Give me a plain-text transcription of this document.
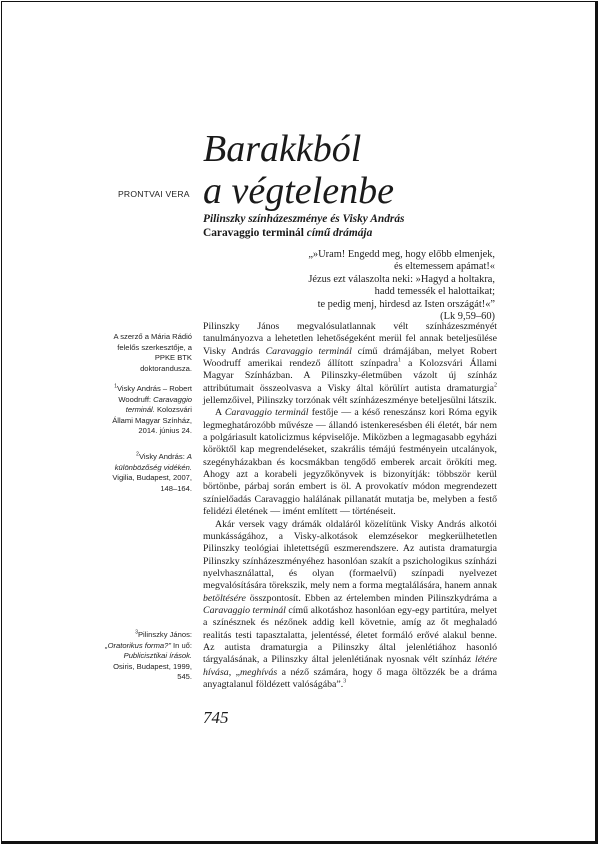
Barakkból
a végtelenbe
PRONTVAI VERA
Pilinszky színházeszménye és Visky András
Caravaggio terminál című drámája
„»Uram! Engedd meg, hogy előbb elmenjek,
és eltemessem apámat!«
Jézus ezt válaszolta neki: »Hagyd a holtakra,
hadd temessék el halottaikat;
te pedig menj, hirdesd az Isten országát!«”
(Lk 9,59–60)

Pilinszky János megvalósulatlannak vélt színházeszményét tanulmányozva a lehetetlen lehetőségeként merül fel annak beteljesülése Visky András Caravaggio terminál című drámájában, melyet Robert Woodruff amerikai rendező állított színpadra$^1$ a Kolozsvári Állami Magyar Színházban. A Pilinszky-életműben vázolt új színház attribútumait összeolvasva a Visky által körülírt autista dramaturgia$^2$ jellemzőivel, Pilinszky torzónak vélt színházeszménye beteljesülni látszik.

A Caravaggio terminál festője — a késő reneszánsz kori Róma egyik legmeghatározóbb művésze — állandó istenkeresésben éli életét, bár nem a polgáriasult katolicizmus képviselője. Miközben a legmagasabb egyházi köröktől kap megrendeléseket, szakrális témájú festményein utcalányok, szegényházakban és kocsmákban tengődő emberek arcait örökíti meg. Ahogy azt a korabeli jegyzőkönyvek is bizonyítják: többször kerül börtönbe, párbaj során embert is öl. A provokatív módon megrendezett színielőadás Caravaggio halálának pillanatát mutatja be, melyben a festő felidézi életének — imént említett — történéseit.

Akár versek vagy drámák oldaláról közelítünk Visky András alkotói munkásságához, a Visky-alkotások elemzésekor megkerülhetetlen Pilinszky teológiai ihletettségű eszmerendszere. Az autista dramaturgia Pilinszky színházeszményéhez hasonlóan szakít a pszichologikus színházi nyelvhasználattal, és olyan (formaelvű) színpadi nyelvezet megvalósítására törekszik, mely nem a forma megtalálására, hanem annak betöltésére összpontosít. Ebben az értelemben minden Pilinszkydráma a Caravaggio terminál című alkotáshoz hasonlóan egy-egy partitúra, melyet a színésznek és nézőnek addig kell követnie, amíg az őt meghaladó realitás testi tapasztalatta, jelentéssé, életet formáló erővé alakul benne. Az autista dramaturgia a Pilinszky által jelenlétiához hasonló tárgyalásának, a Pilinszky által jelenlétiának nyosnak vélt színház létére hívása, „meghívás a néző számára, hogy ő maga öltözzék be a dráma anyagtalanul földézett valóságába”.$^3$

A szerző a Mária Rádió felelős szerkesztője, a PPKE BTK doktorandusza.
$^1$Visky András – Robert Woodruff: Caravaggio terminál. Kolozsvári Állami Magyar Színház, 2014. június 24.
$^2$Visky András: A különbözőség vidékén. Vigilia, Budapest, 2007, 148–164.
$^3$Pilinszky János: „Oratorikus forma?” In uő: Publicisztikai írások. Osiris, Budapest, 1999, 545.
745
